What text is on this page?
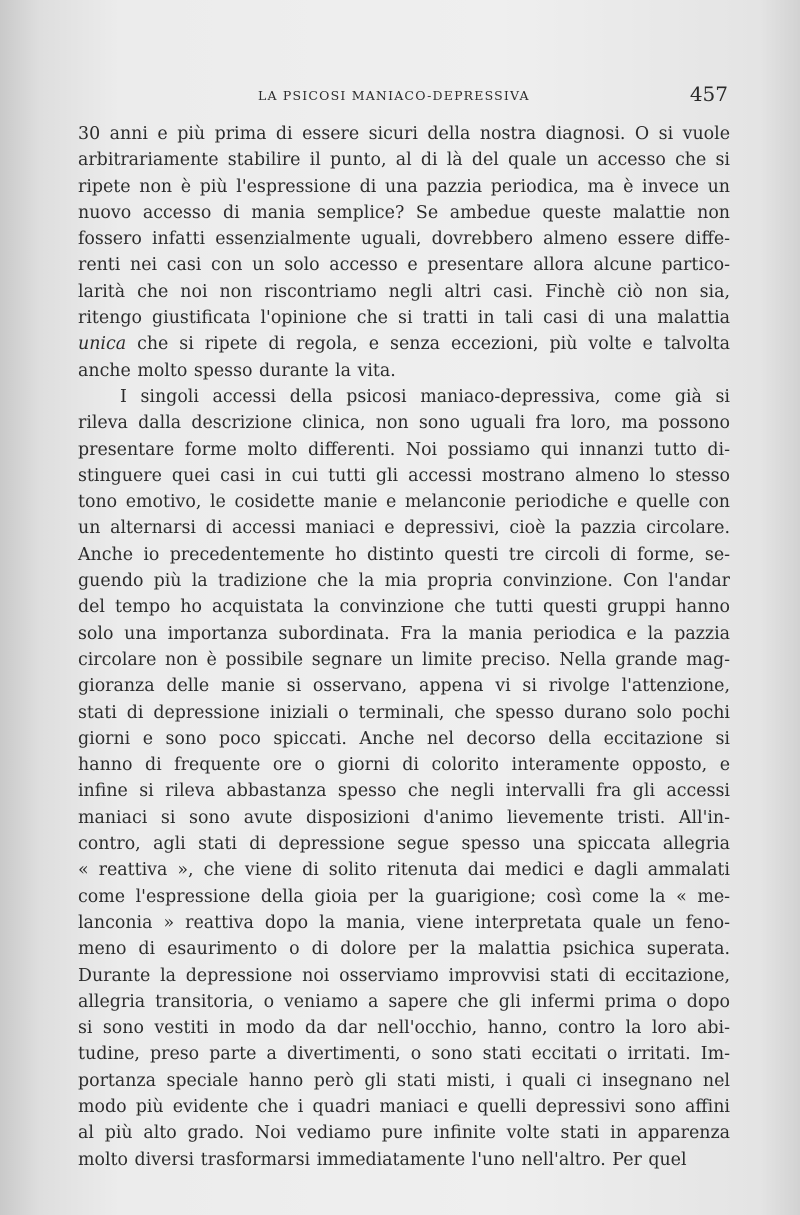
LA PSICOSI MANIACO-DEPRESSIVA	457
30 anni e più prima di essere sicuri della nostra diagnosi. O si vuole
arbitrariamente stabilire il punto, al di là del quale un accesso che si
ripete non è più l'espressione di una pazzia periodica, ma è invece un
nuovo accesso di mania semplice? Se ambedue queste malattie non
fossero infatti essenzialmente uguali, dovrebbero almeno essere diffe-
renti nei casi con un solo accesso e presentare allora alcune partico-
larità che noi non riscontriamo negli altri casi. Finchè ciò non sia,
ritengo giustificata l'opinione che si tratti in tali casi di una malattia
unica che si ripete di regola, e senza eccezioni, più volte e talvolta
anche molto spesso durante la vita.
I singoli accessi della psicosi maniaco-depressiva, come già si
rileva dalla descrizione clinica, non sono uguali fra loro, ma possono
presentare forme molto differenti. Noi possiamo qui innanzi tutto di-
stinguere quei casi in cui tutti gli accessi mostrano almeno lo stesso
tono emotivo, le cosidette manie e melanconie periodiche e quelle con
un alternarsi di accessi maniaci e depressivi, cioè la pazzia circolare.
Anche io precedentemente ho distinto questi tre circoli di forme, se-
guendo più la tradizione che la mia propria convinzione. Con l'andar
del tempo ho acquistata la convinzione che tutti questi gruppi hanno
solo una importanza subordinata. Fra la mania periodica e la pazzia
circolare non è possibile segnare un limite preciso. Nella grande mag-
gioranza delle manie si osservano, appena vi si rivolge l'attenzione,
stati di depressione iniziali o terminali, che spesso durano solo pochi
giorni e sono poco spiccati. Anche nel decorso della eccitazione si
hanno di frequente ore o giorni di colorito interamente opposto, e
infine si rileva abbastanza spesso che negli intervalli fra gli accessi
maniaci si sono avute disposizioni d'animo lievemente tristi. All'in-
contro, agli stati di depressione segue spesso una spiccata allegria
« reattiva », che viene di solito ritenuta dai medici e dagli ammalati
come l'espressione della gioia per la guarigione; così come la « me-
lanconia » reattiva dopo la mania, viene interpretata quale un feno-
meno di esaurimento o di dolore per la malattia psichica superata.
Durante la depressione noi osserviamo improvvisi stati di eccitazione,
allegria transitoria, o veniamo a sapere che gli infermi prima o dopo
si sono vestiti in modo da dar nell'occhio, hanno, contro la loro abi-
tudine, preso parte a divertimenti, o sono stati eccitati o irritati. Im-
portanza speciale hanno però gli stati misti, i quali ci insegnano nel
modo più evidente che i quadri maniaci e quelli depressivi sono affini
al più alto grado. Noi vediamo pure infinite volte stati in apparenza
molto diversi trasformarsi immediatamente l'uno nell'altro. Per quel
